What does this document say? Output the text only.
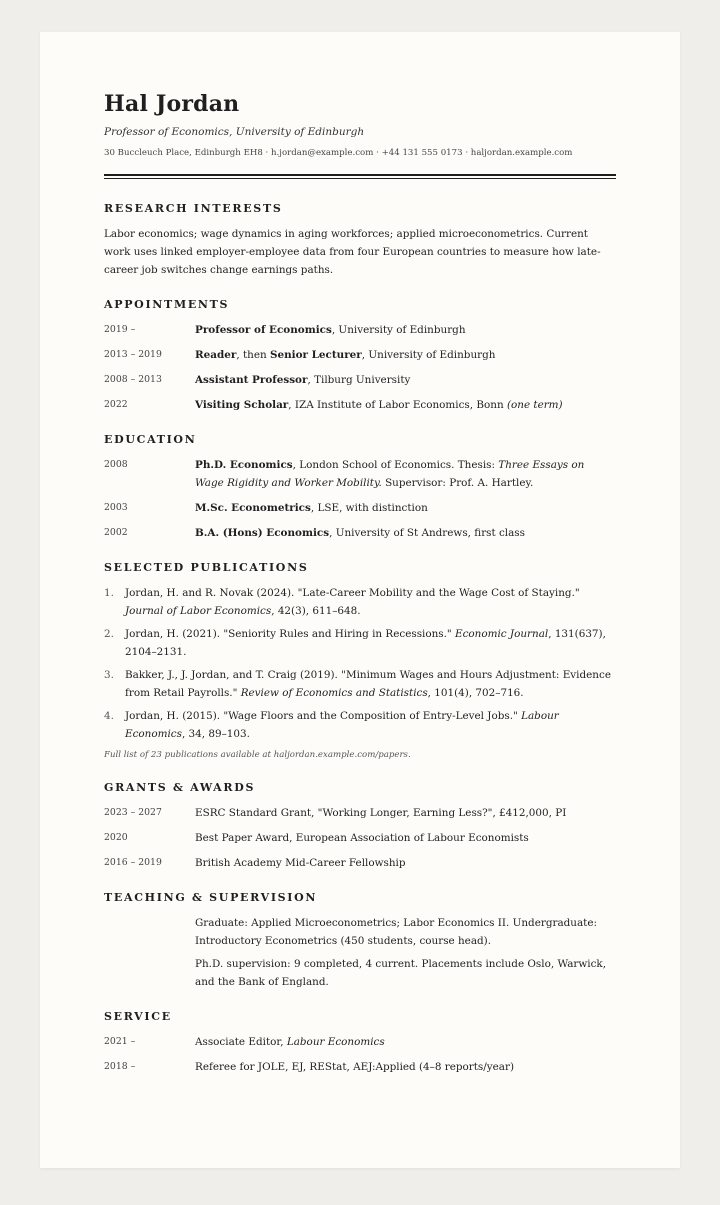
Hal Jordan
Professor of Economics, University of Edinburgh
30 Buccleuch Place, Edinburgh EH8 · h.jordan@example.com · +44 131 555 0173 · haljordan.example.com
RESEARCH INTERESTS
Labor economics; wage dynamics in aging workforces; applied microeconometrics. Current work uses linked employer-employee data from four European countries to measure how late-career job switches change earnings paths.
APPOINTMENTS
2019 –	Professor of Economics, University of Edinburgh
2013 – 2019	Reader, then Senior Lecturer, University of Edinburgh
2008 – 2013	Assistant Professor, Tilburg University
2022	Visiting Scholar, IZA Institute of Labor Economics, Bonn (one term)
EDUCATION
2008	Ph.D. Economics, London School of Economics. Thesis: Three Essays on Wage Rigidity and Worker Mobility. Supervisor: Prof. A. Hartley.
2003	M.Sc. Econometrics, LSE, with distinction
2002	B.A. (Hons) Economics, University of St Andrews, first class
SELECTED PUBLICATIONS
1. Jordan, H. and R. Novak (2024). "Late-Career Mobility and the Wage Cost of Staying." Journal of Labor Economics, 42(3), 611–648.
2. Jordan, H. (2021). "Seniority Rules and Hiring in Recessions." Economic Journal, 131(637), 2104–2131.
3. Bakker, J., J. Jordan, and T. Craig (2019). "Minimum Wages and Hours Adjustment: Evidence from Retail Payrolls." Review of Economics and Statistics, 101(4), 702–716.
4. Jordan, H. (2015). "Wage Floors and the Composition of Entry-Level Jobs." Labour Economics, 34, 89–103.
Full list of 23 publications available at haljordan.example.com/papers.
GRANTS & AWARDS
2023 – 2027	ESRC Standard Grant, "Working Longer, Earning Less?", £412,000, PI
2020	Best Paper Award, European Association of Labour Economists
2016 – 2019	British Academy Mid-Career Fellowship
TEACHING & SUPERVISION
Graduate: Applied Microeconometrics; Labor Economics II. Undergraduate: Introductory Econometrics (450 students, course head).
Ph.D. supervision: 9 completed, 4 current. Placements include Oslo, Warwick, and the Bank of England.
SERVICE
2021 –	Associate Editor, Labour Economics
2018 –	Referee for JOLE, EJ, REStat, AEJ:Applied (4–8 reports/year)
